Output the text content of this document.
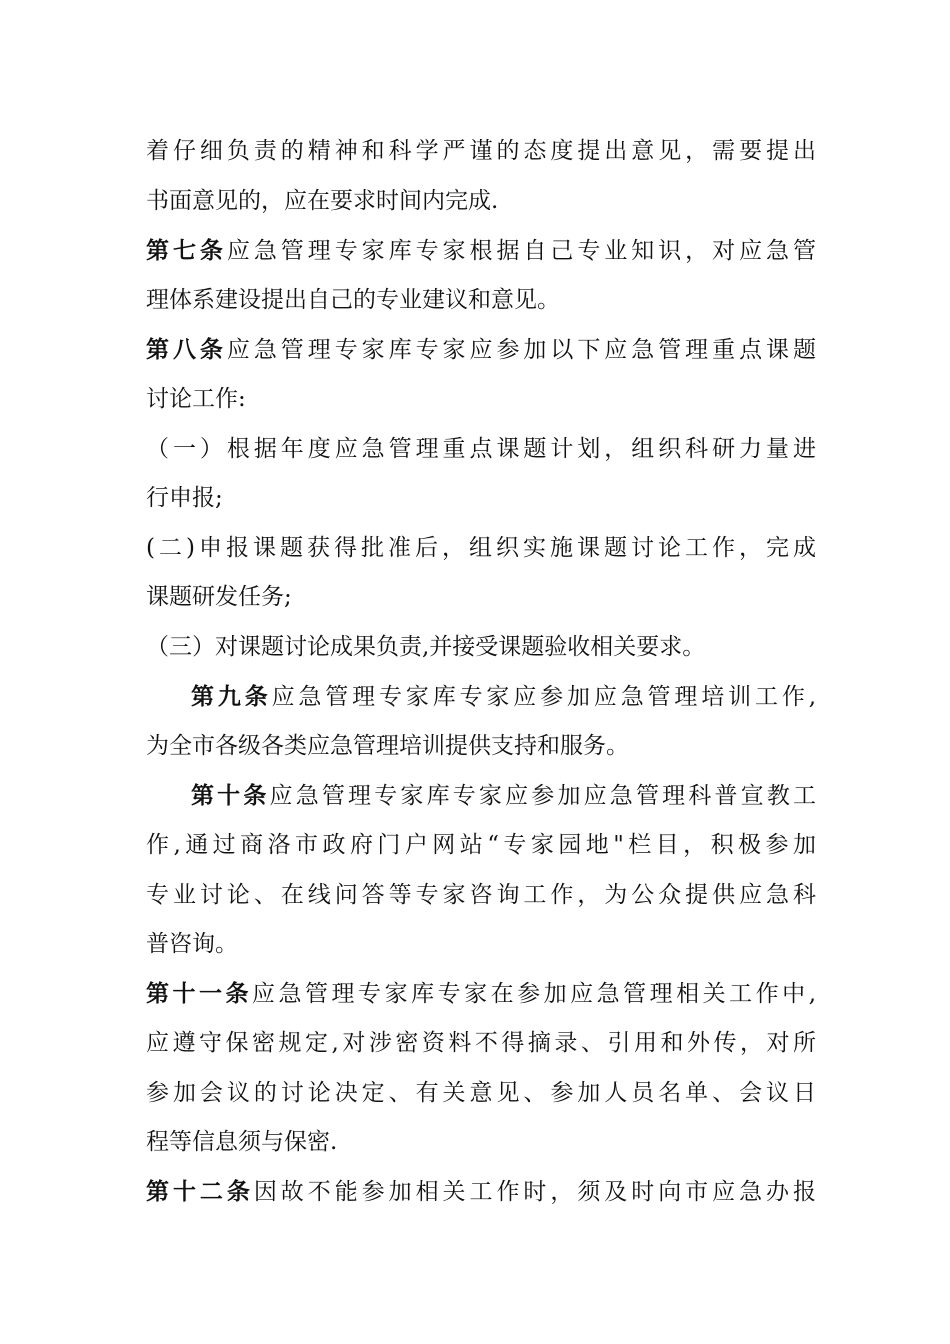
着仔细负责的精神和科学严谨的态度提出意见，需要提出
书面意见的，应在要求时间内完成.
第七条应急管理专家库专家根据自己专业知识，对应急管
理体系建设提出自己的专业建议和意见。
第八条应急管理专家库专家应参加以下应急管理重点课题
讨论工作:
（一）根据年度应急管理重点课题计划，组织科研力量进
行申报;
(二)申报课题获得批准后，组织实施课题讨论工作，完成
课题研发任务;
（三）对课题讨论成果负责,并接受课题验收相关要求。
第九条应急管理专家库专家应参加应急管理培训工作,
为全市各级各类应急管理培训提供支持和服务。
第十条应急管理专家库专家应参加应急管理科普宣教工
作,通过商洛市政府门户网站“专家园地"栏目，积极参加
专业讨论、在线问答等专家咨询工作，为公众提供应急科
普咨询。
第十一条应急管理专家库专家在参加应急管理相关工作中,
应遵守保密规定,对涉密资料不得摘录、引用和外传，对所
参加会议的讨论决定、有关意见、参加人员名单、会议日
程等信息须与保密.
第十二条因故不能参加相关工作时，须及时向市应急办报
